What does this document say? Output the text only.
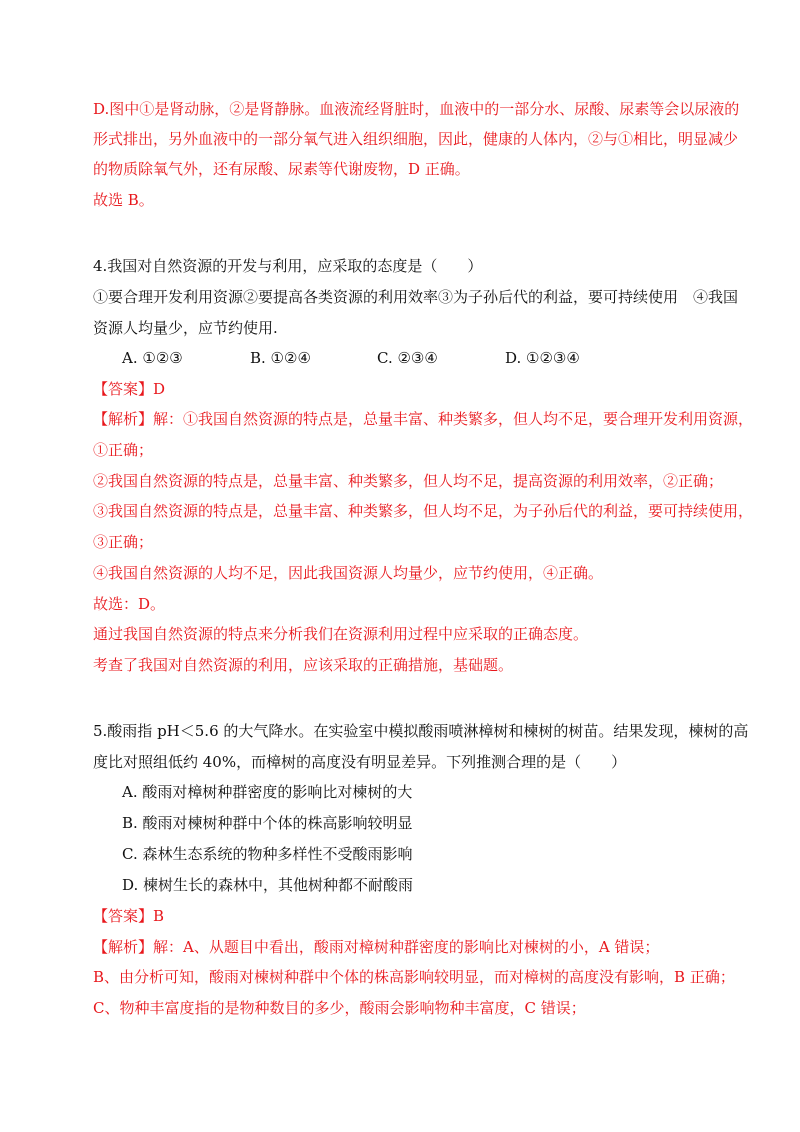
D.图中①是肾动脉，②是肾静脉。血液流经肾脏时，血液中的一部分水、尿酸、尿素等会以尿液的
形式排出，另外血液中的一部分氧气进入组织细胞，因此，健康的人体内，②与①相比，明显减少
的物质除氧气外，还有尿酸、尿素等代谢废物，D 正确。
故选 B。
4.我国对自然资源的开发与利用，应采取的态度是（　　）
①要合理开发利用资源②要提高各类资源的利用效率③为子孙后代的利益，要可持续使用　④我国
资源人均量少，应节约使用.
A. ①②③	B. ①②④	C. ②③④	D. ①②③④
【答案】D
【解析】解：①我国自然资源的特点是，总量丰富、种类繁多，但人均不足，要合理开发利用资源，
①正确；
②我国自然资源的特点是，总量丰富、种类繁多，但人均不足，提高资源的利用效率，②正确；
③我国自然资源的特点是，总量丰富、种类繁多，但人均不足，为子孙后代的利益，要可持续使用，
③正确；
④我国自然资源的人均不足，因此我国资源人均量少，应节约使用，④正确。
故选：D。
通过我国自然资源的特点来分析我们在资源利用过程中应采取的正确态度。
考查了我国对自然资源的利用，应该采取的正确措施，基础题。
5.酸雨指 pH＜5.6 的大气降水。在实验室中模拟酸雨喷淋樟树和楝树的树苗。结果发现，楝树的高
度比对照组低约 40%，而樟树的高度没有明显差异。下列推测合理的是（　　）
A. 酸雨对樟树种群密度的影响比对楝树的大
B. 酸雨对楝树种群中个体的株高影响较明显
C. 森林生态系统的物种多样性不受酸雨影响
D. 楝树生长的森林中，其他树种都不耐酸雨
【答案】B
【解析】解：A、从题目中看出，酸雨对樟树种群密度的影响比对楝树的小，A 错误；
B、由分析可知，酸雨对楝树种群中个体的株高影响较明显，而对樟树的高度没有影响，B 正确；
C、物种丰富度指的是物种数目的多少，酸雨会影响物种丰富度，C 错误；
